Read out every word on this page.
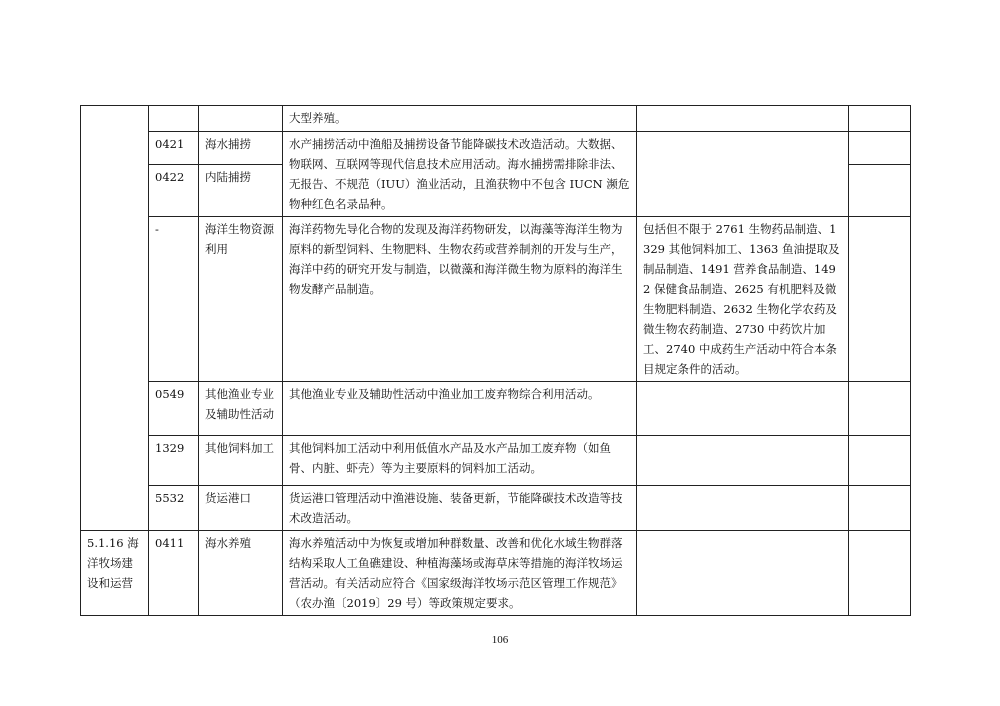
			大型养殖。		
	0421	海水捕捞	水产捕捞活动中渔船及捕捞设备节能降碳技术改造活动。大数据、物联网、互联网等现代信息技术应用活动。海水捕捞需排除非法、无报告、不规范（IUU）渔业活动，且渔获物中不包含 IUCN 濒危物种红色名录品种。		
	0422	内陆捕捞			
	-	海洋生物资源利用	海洋药物先导化合物的发现及海洋药物研发，以海藻等海洋生物为原料的新型饲料、生物肥料、生物农药或营养制剂的开发与生产，海洋中药的研究开发与制造，以微藻和海洋微生物为原料的海洋生物发酵产品制造。	包括但不限于 2761 生物药品制造、1329 其他饲料加工、1363 鱼油提取及制品制造、1491 营养食品制造、1492 保健食品制造、2625 有机肥料及微生物肥料制造、2632 生物化学农药及微生物农药制造、2730 中药饮片加工、2740 中成药生产活动中符合本条目规定条件的活动。	
	0549	其他渔业专业及辅助性活动	其他渔业专业及辅助性活动中渔业加工废弃物综合利用活动。		
	1329	其他饲料加工	其他饲料加工活动中利用低值水产品及水产品加工废弃物（如鱼骨、内脏、虾壳）等为主要原料的饲料加工活动。		
	5532	货运港口	货运港口管理活动中渔港设施、装备更新，节能降碳技术改造等技术改造活动。		
5.1.16 海洋牧场建设和运营	0411	海水养殖	海水养殖活动中为恢复或增加种群数量、改善和优化水域生物群落结构采取人工鱼礁建设、种植海藻场或海草床等措施的海洋牧场运营活动。有关活动应符合《国家级海洋牧场示范区管理工作规范》（农办渔〔2019〕29 号）等政策规定要求。		
106
